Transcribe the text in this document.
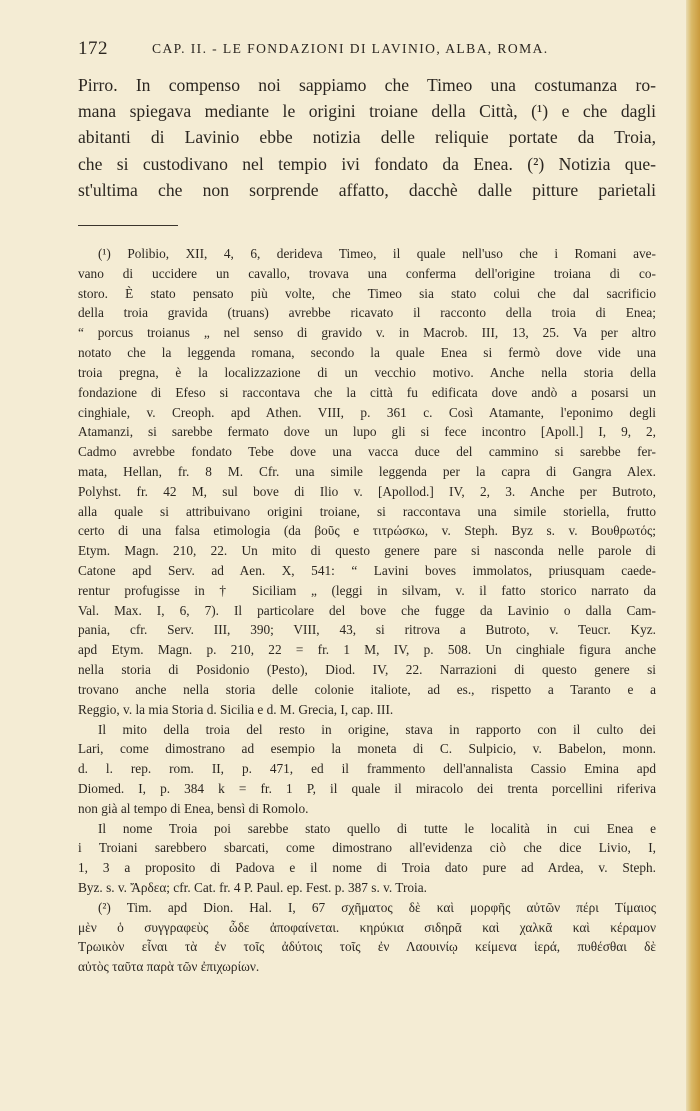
172	CAP. II. - LE FONDAZIONI DI LAVINIO, ALBA, ROMA.
Pirro. In compenso noi sappiamo che Timeo una costumanza ro-
mana spiegava mediante le origini troiane della Città, (¹) e che dagli
abitanti di Lavinio ebbe notizia delle reliquie portate da Troia,
che si custodivano nel tempio ivi fondato da Enea. (²) Notizia que-
st'ultima che non sorprende affatto, dacchè dalle pitture parietali
(¹) Polibio, XII, 4, 6, derideva Timeo, il quale nell'uso che i Romani ave-
vano di uccidere un cavallo, trovava una conferma dell'origine troiana di co-
storo. È stato pensato più volte, che Timeo sia stato colui che dal sacrificio
della troia gravida (truans) avrebbe ricavato il racconto della troia di Enea;
“ porcus troianus „ nel senso di gravido v. in Macrob. III, 13, 25. Va per altro
notato che la leggenda romana, secondo la quale Enea si fermò dove vide una
troia pregna, è la localizzazione di un vecchio motivo. Anche nella storia della
fondazione di Efeso si raccontava che la città fu edificata dove andò a posarsi un
cinghiale, v. Creoph. apd Athen. VIII, p. 361 c. Così Atamante, l'eponimo degli
Atamanzi, si sarebbe fermato dove un lupo gli si fece incontro [Apoll.] I, 9, 2,
Cadmo avrebbe fondato Tebe dove una vacca duce del cammino si sarebbe fer-
mata, Hellan, fr. 8 M. Cfr. una simile leggenda per la capra di Gangra Alex.
Polyhst. fr. 42 M, sul bove di Ilio v. [Apollod.] IV, 2, 3. Anche per Butroto,
alla quale si attribuivano origini troiane, si raccontava una simile storiella, frutto
certo di una falsa etimologia (da βοῦς e τιτρώσκω, v. Steph. Byz s. v. Βουθρωτός;
Etym. Magn. 210, 22. Un mito di questo genere pare si nasconda nelle parole di
Catone apd Serv. ad Aen. X, 541: “ Lavini boves immolatos, priusquam caede-
rentur profugisse in † Siciliam „ (leggi in silvam, v. il fatto storico narrato da
Val. Max. I, 6, 7). Il particolare del bove che fugge da Lavinio o dalla Cam-
pania, cfr. Serv. III, 390; VIII, 43, si ritrova a Butroto, v. Teucr. Kyz.
apd Etym. Magn. p. 210, 22 = fr. 1 M, IV, p. 508. Un cinghiale figura anche
nella storia di Posidonio (Pesto), Diod. IV, 22. Narrazioni di questo genere si
trovano anche nella storia delle colonie italiote, ad es., rispetto a Taranto e a
Reggio, v. la mia Storia d. Sicilia e d. M. Grecia, I, cap. III.
Il mito della troia del resto in origine, stava in rapporto con il culto dei
Lari, come dimostrano ad esempio la moneta di C. Sulpicio, v. Babelon, monn.
d. l. rep. rom. II, p. 471, ed il frammento dell'annalista Cassio Emina apd
Diomed. I, p. 384 k = fr. 1 P, il quale il miracolo dei trenta porcellini riferiva
non già al tempo di Enea, bensì di Romolo.
Il nome Troia poi sarebbe stato quello di tutte le località in cui Enea e
i Troiani sarebbero sbarcati, come dimostrano all'evidenza ciò che dice Livio, I,
1, 3 a proposito di Padova e il nome di Troia dato pure ad Ardea, v. Steph.
Byz. s. v. Ἄρδεα; cfr. Cat. fr. 4 P. Paul. ep. Fest. p. 387 s. v. Troia.
(²) Tim. apd Dion. Hal. I, 67 σχῆματος δὲ καὶ μορφῆς αὐτῶν πέρι Τίμαιος
μὲν ὁ συγγραφεὺς ὧδε ἀποφαίνεται. κηρύκια σιδηρᾶ καὶ χαλκᾶ καὶ κέραμον
Τρωικὸν εἶναι τὰ ἐν τοῖς ἀδύτοις τοῖς ἐν Λαουινίῳ κείμενα ἱερά, πυθέσθαι δὲ
αὐτὸς ταῦτα παρὰ τῶν ἐπιχωρίων.
